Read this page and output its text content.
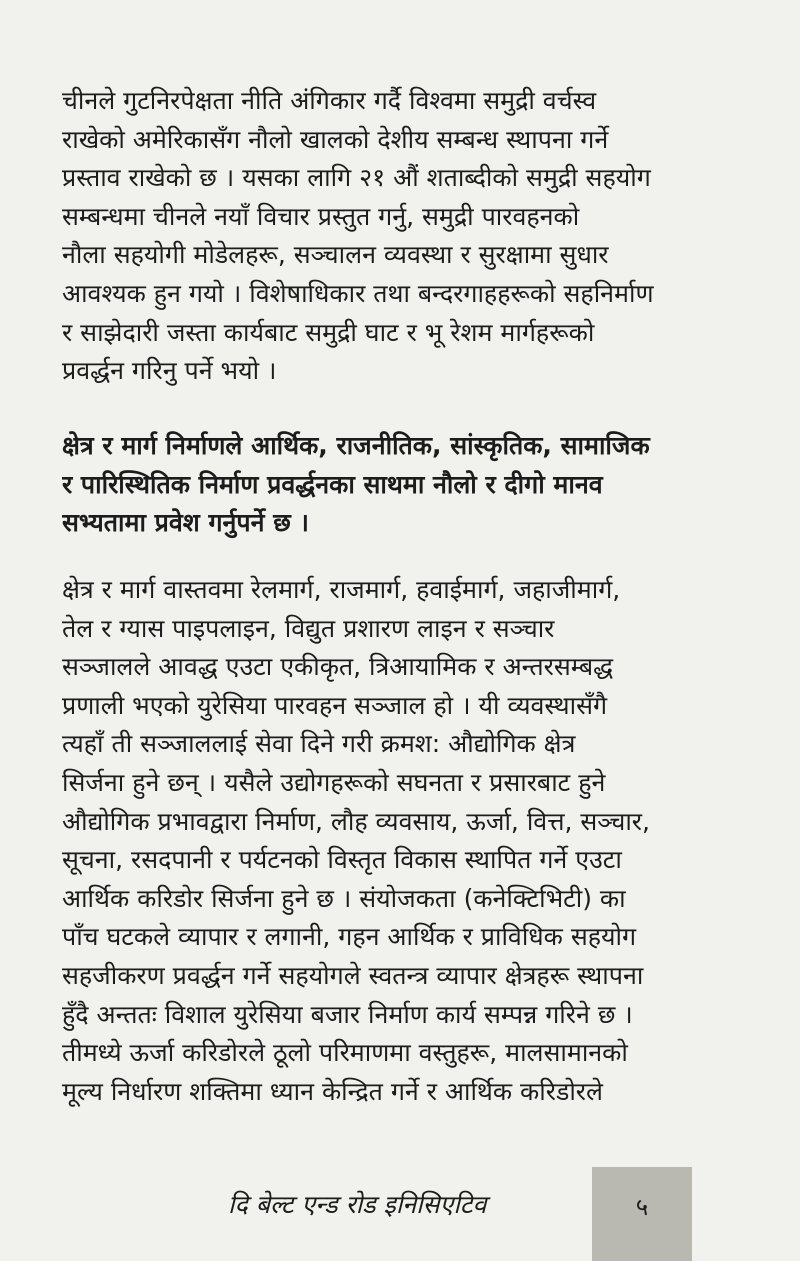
चीनले गुटनिरपेक्षता नीति अंगिकार गर्दै विश्वमा समुद्री वर्चस्व
राखेको अमेरिकासँग नौलो खालको देशीय सम्बन्ध स्थापना गर्ने
प्रस्ताव राखेको छ । यसका लागि २१ औं शताब्दीको समुद्री सहयोग
सम्बन्धमा चीनले नयाँ विचार प्रस्तुत गर्नु, समुद्री पारवहनको
नौला सहयोगी मोडेलहरू, सञ्चालन व्यवस्था र सुरक्षामा सुधार
आवश्यक हुन गयो । विशेषाधिकार तथा बन्दरगाहहरूको सहनिर्माण
र साझेदारी जस्ता कार्यबाट समुद्री घाट र भू रेशम मार्गहरूको
प्रवर्द्धन गरिनु पर्ने भयो ।
क्षेत्र र मार्ग निर्माणले आर्थिक, राजनीतिक, सांस्कृतिक, सामाजिक
र पारिस्थितिक निर्माण प्रवर्द्धनका साथमा नौलो र दीगो मानव
सभ्यतामा प्रवेश गर्नुपर्ने छ ।
क्षेत्र र मार्ग वास्तवमा रेलमार्ग, राजमार्ग, हवाईमार्ग, जहाजीमार्ग,
तेल र ग्यास पाइपलाइन, विद्युत प्रशारण लाइन र सञ्चार
सञ्जालले आवद्ध एउटा एकीकृत, त्रिआयामिक र अन्तरसम्बद्ध
प्रणाली भएको युरेसिया पारवहन सञ्जाल हो । यी व्यवस्थासँगै
त्यहाँ ती सञ्जाललाई सेवा दिने गरी क्रमश: औद्योगिक क्षेत्र
सिर्जना हुने छन् । यसैले उद्योगहरूको सघनता र प्रसारबाट हुने
औद्योगिक प्रभावद्वारा निर्माण, लौह व्यवसाय, ऊर्जा, वित्त, सञ्चार,
सूचना, रसदपानी र पर्यटनको विस्तृत विकास स्थापित गर्ने एउटा
आर्थिक करिडोर सिर्जना हुने छ । संयोजकता (कनेक्टिभिटी) का
पाँच घटकले व्यापार र लगानी, गहन आर्थिक र प्राविधिक सहयोग
सहजीकरण प्रवर्द्धन गर्ने सहयोगले स्वतन्त्र व्यापार क्षेत्रहरू स्थापना
हुँदै अन्ततः विशाल युरेसिया बजार निर्माण कार्य सम्पन्न गरिने छ ।
तीमध्ये ऊर्जा करिडोरले ठूलो परिमाणमा वस्तुहरू, मालसामानको
मूल्य निर्धारण शक्तिमा ध्यान केन्द्रित गर्ने र आर्थिक करिडोरले
दि बेल्ट एन्ड रोड इनिसिएटिव	५
